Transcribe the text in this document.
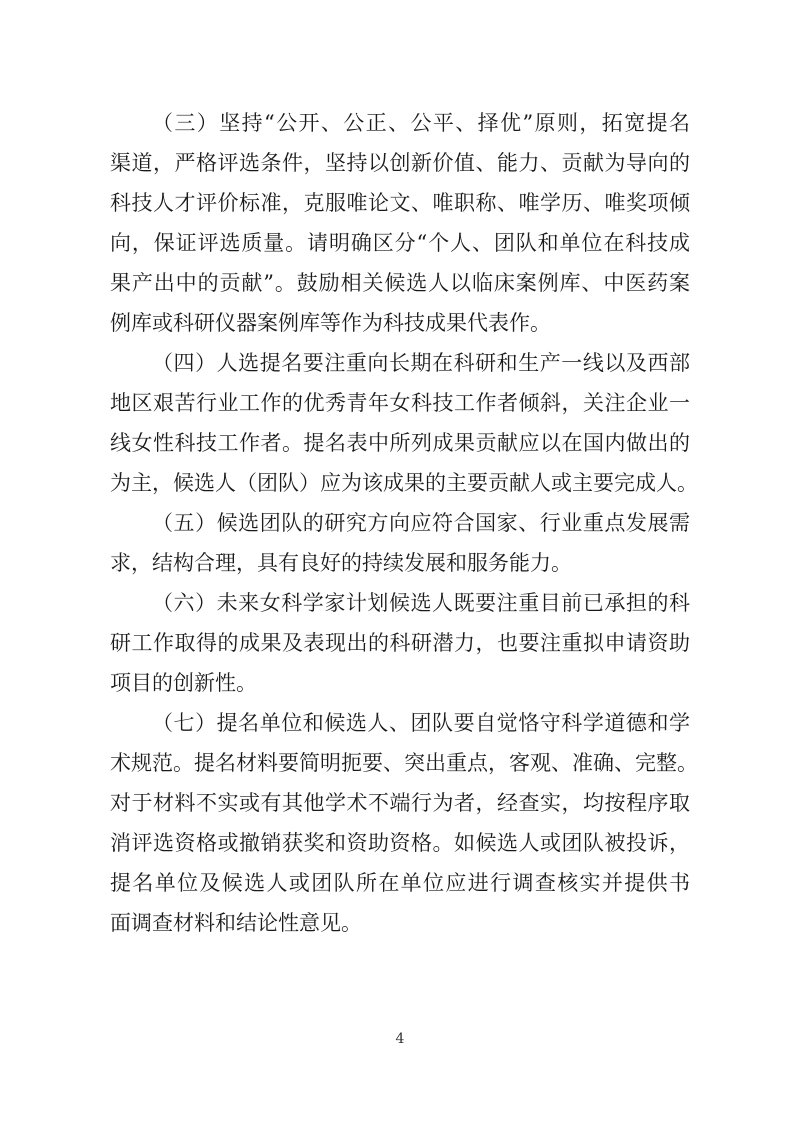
（三）坚持“公开、公正、公平、择优”原则，拓宽提名
渠道，严格评选条件，坚持以创新价值、能力、贡献为导向的
科技人才评价标准，克服唯论文、唯职称、唯学历、唯奖项倾
向，保证评选质量。请明确区分“个人、团队和单位在科技成
果产出中的贡献”。鼓励相关候选人以临床案例库、中医药案
例库或科研仪器案例库等作为科技成果代表作。
（四）人选提名要注重向长期在科研和生产一线以及西部
地区艰苦行业工作的优秀青年女科技工作者倾斜，关注企业一
线女性科技工作者。提名表中所列成果贡献应以在国内做出的
为主，候选人（团队）应为该成果的主要贡献人或主要完成人。
（五）候选团队的研究方向应符合国家、行业重点发展需
求，结构合理，具有良好的持续发展和服务能力。
（六）未来女科学家计划候选人既要注重目前已承担的科
研工作取得的成果及表现出的科研潜力，也要注重拟申请资助
项目的创新性。
（七）提名单位和候选人、团队要自觉恪守科学道德和学
术规范。提名材料要简明扼要、突出重点，客观、准确、完整。
对于材料不实或有其他学术不端行为者，经查实，均按程序取
消评选资格或撤销获奖和资助资格。如候选人或团队被投诉，
提名单位及候选人或团队所在单位应进行调查核实并提供书
面调查材料和结论性意见。
4
